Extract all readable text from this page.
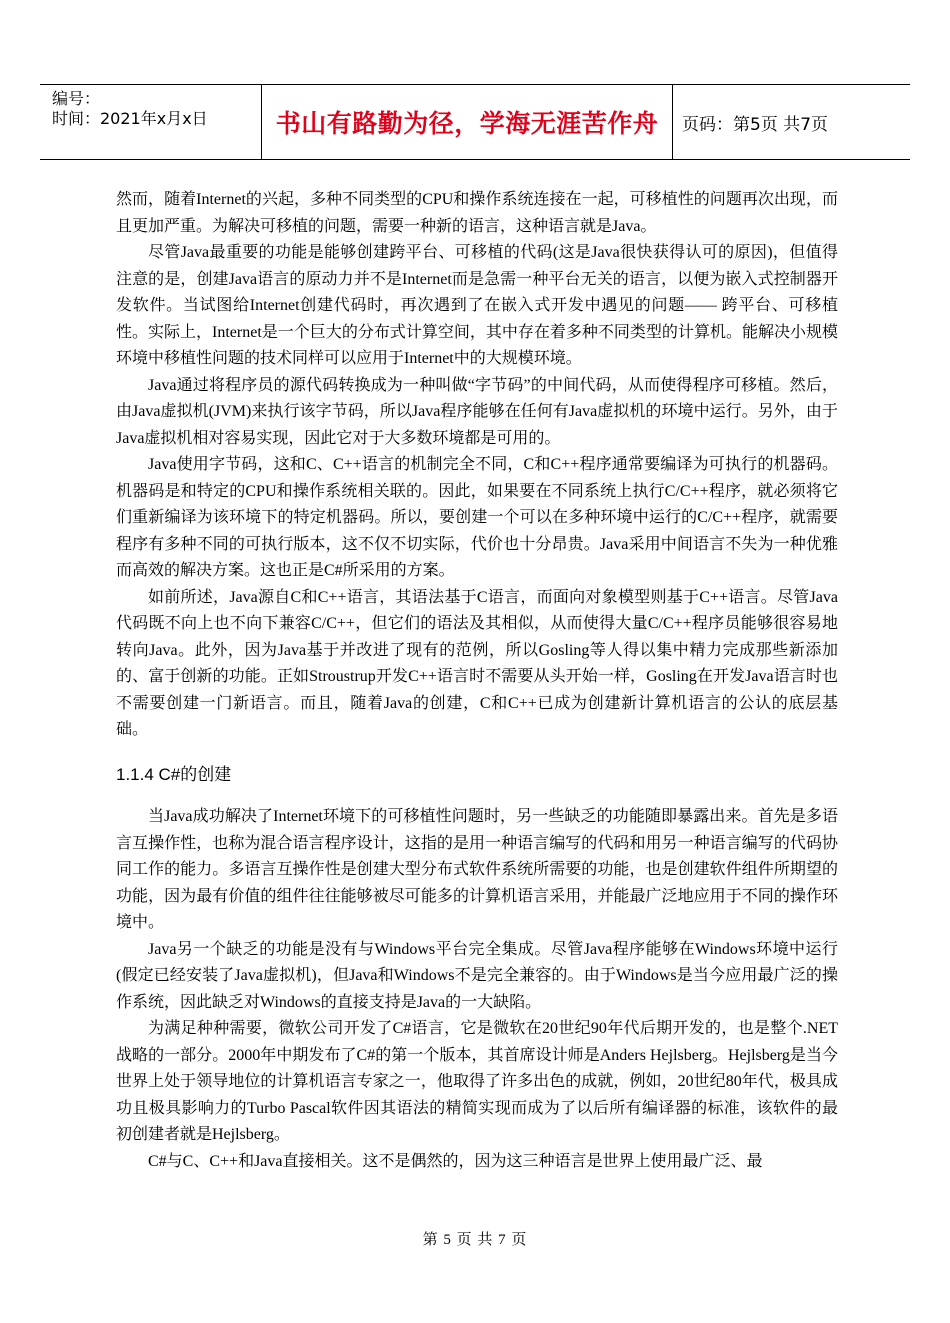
编号：
时间：2021年x月x日	书山有路勤为径，学海无涯苦作舟	页码：第5页 共7页

然而，随着Internet的兴起，多种不同类型的CPU和操作系统连接在一起，可移植性的问题再次出现，而且更加严重。为解决可移植的问题，需要一种新的语言，这种语言就是Java。

尽管Java最重要的功能是能够创建跨平台、可移植的代码(这是Java很快获得认可的原因)，但值得注意的是，创建Java语言的原动力并不是Internet而是急需一种平台无关的语言，以便为嵌入式控制器开发软件。当试图给Internet创建代码时，再次遇到了在嵌入式开发中遇见的问题—— 跨平台、可移植性。实际上，Internet是一个巨大的分布式计算空间，其中存在着多种不同类型的计算机。能解决小规模环境中移植性问题的技术同样可以应用于Internet中的大规模环境。

Java通过将程序员的源代码转换成为一种叫做“字节码”的中间代码，从而使得程序可移植。然后，由Java虚拟机(JVM)来执行该字节码，所以Java程序能够在任何有Java虚拟机的环境中运行。另外，由于Java虚拟机相对容易实现，因此它对于大多数环境都是可用的。

Java使用字节码，这和C、C++语言的机制完全不同，C和C++程序通常要编译为可执行的机器码。机器码是和特定的CPU和操作系统相关联的。因此，如果要在不同系统上执行C/C++程序，就必须将它们重新编译为该环境下的特定机器码。所以，要创建一个可以在多种环境中运行的C/C++程序，就需要程序有多种不同的可执行版本，这不仅不切实际，代价也十分昂贵。Java采用中间语言不失为一种优雅而高效的解决方案。这也正是C#所采用的方案。

如前所述，Java源自C和C++语言，其语法基于C语言，而面向对象模型则基于C++语言。尽管Java代码既不向上也不向下兼容C/C++，但它们的语法及其相似，从而使得大量C/C++程序员能够很容易地转向Java。此外，因为Java基于并改进了现有的范例，所以Gosling等人得以集中精力完成那些新添加的、富于创新的功能。正如Stroustrup开发C++语言时不需要从头开始一样，Gosling在开发Java语言时也不需要创建一门新语言。而且，随着Java的创建，C和C++已成为创建新计算机语言的公认的底层基础。

1.1.4 C#的创建

当Java成功解决了Internet环境下的可移植性问题时，另一些缺乏的功能随即暴露出来。首先是多语言互操作性，也称为混合语言程序设计，这指的是用一种语言编写的代码和用另一种语言编写的代码协同工作的能力。多语言互操作性是创建大型分布式软件系统所需要的功能，也是创建软件组件所期望的功能，因为最有价值的组件往往能够被尽可能多的计算机语言采用，并能最广泛地应用于不同的操作环境中。

Java另一个缺乏的功能是没有与Windows平台完全集成。尽管Java程序能够在Windows环境中运行(假定已经安装了Java虚拟机)，但Java和Windows不是完全兼容的。由于Windows是当今应用最广泛的操作系统，因此缺乏对Windows的直接支持是Java的一大缺陷。

为满足种种需要，微软公司开发了C#语言，它是微软在20世纪90年代后期开发的，也是整个.NET战略的一部分。2000年中期发布了C#的第一个版本，其首席设计师是Anders Hejlsberg。Hejlsberg是当今世界上处于领导地位的计算机语言专家之一，他取得了许多出色的成就，例如，20世纪80年代，极具成功且极具影响力的Turbo Pascal软件因其语法的精简实现而成为了以后所有编译器的标准，该软件的最初创建者就是Hejlsberg。

C#与C、C++和Java直接相关。这不是偶然的，因为这三种语言是世界上使用最广泛、最

第 5 页 共 7 页
